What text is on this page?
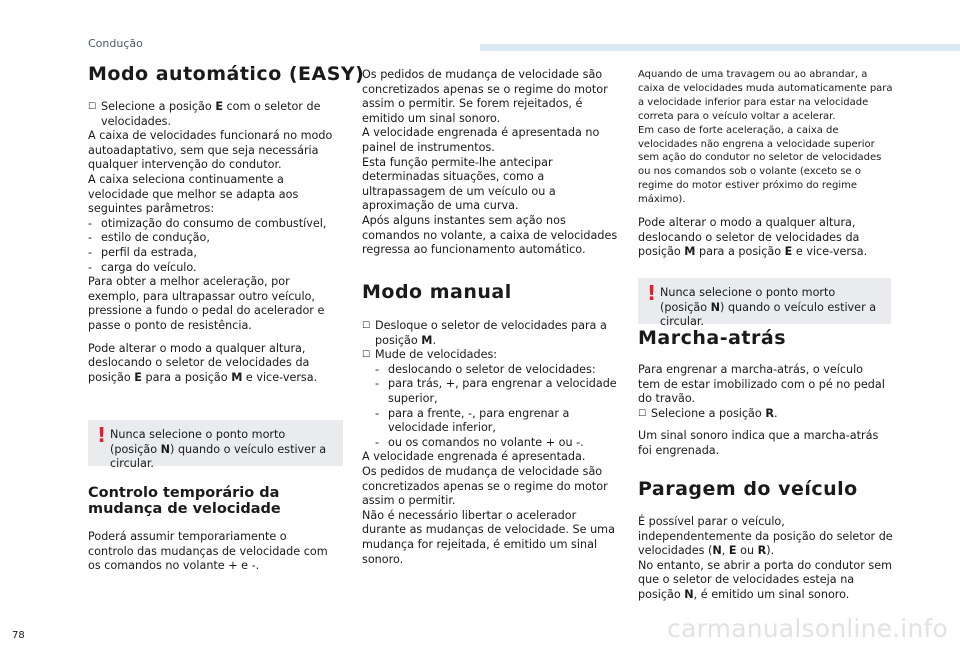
Condução
Modo automático (EASY)

☐ Selecione a posição E com o seletor de velocidades.

A caixa de velocidades funcionará no modo autoadaptativo, sem que seja necessária qualquer intervenção do condutor.

A caixa seleciona continuamente a velocidade que melhor se adapta aos seguintes parâmetros:

- otimização do consumo de combustível,

- estilo de condução,

- perfil da estrada,

- carga do veículo.

Para obter a melhor aceleração, por exemplo, para ultrapassar outro veículo, pressione a fundo o pedal do acelerador e passe o ponto de resistência.

Pode alterar o modo a qualquer altura, deslocando o seletor de velocidades da posição E para a posição M e vice-versa.

! Nunca selecione o ponto morto (posição N) quando o veículo estiver a circular.
Controlo temporário da mudança de velocidade

Poderá assumir temporariamente o controlo das mudanças de velocidade com os comandos no volante + e -.

Os pedidos de mudança de velocidade são concretizados apenas se o regime do motor assim o permitir. Se forem rejeitados, é emitido um sinal sonoro.

A velocidade engrenada é apresentada no painel de instrumentos.

Esta função permite-lhe antecipar determinadas situações, como a ultrapassagem de um veículo ou a aproximação de uma curva.

Após alguns instantes sem ação nos comandos no volante, a caixa de velocidades regressa ao funcionamento automático.

Modo manual

☐ Desloque o seletor de velocidades para a posição M.

☐ Mude de velocidades:

- deslocando o seletor de velocidades:

- para trás, +, para engrenar a velocidade superior,

- para a frente, -, para engrenar a velocidade inferior,

- ou os comandos no volante + ou -.

A velocidade engrenada é apresentada.

Os pedidos de mudança de velocidade são concretizados apenas se o regime do motor assim o permitir.

Não é necessário libertar o acelerador durante as mudanças de velocidade. Se uma mudança for rejeitada, é emitido um sinal sonoro.

Aquando de uma travagem ou ao abrandar, a caixa de velocidades muda automaticamente para a velocidade inferior para estar na velocidade correta para o veículo voltar a acelerar.
Em caso de forte aceleração, a caixa de velocidades não engrena a velocidade superior sem ação do condutor no seletor de velocidades ou nos comandos sob o volante (exceto se o regime do motor estiver próximo do regime máximo).

Pode alterar o modo a qualquer altura, deslocando o seletor de velocidades da posição M para a posição E e vice-versa.

! Nunca selecione o ponto morto (posição N) quando o veículo estiver a circular.
Marcha-atrás

Para engrenar a marcha-atrás, o veículo tem de estar imobilizado com o pé no pedal do travão.

☐ Selecione a posição R.

Um sinal sonoro indica que a marcha-atrás foi engrenada.

Paragem do veículo

É possível parar o veículo, independentemente da posição do seletor de velocidades (N, E ou R).

No entanto, se abrir a porta do condutor sem que o seletor de velocidades esteja na posição N, é emitido um sinal sonoro.

78	carmanualsonline.info
